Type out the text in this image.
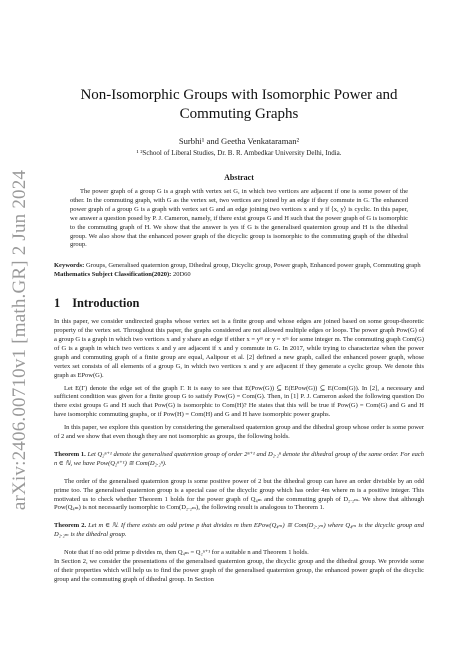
arXiv:2406.00710v1 [math.GR] 2 Jun 2024
Non-Isomorphic Groups with Isomorphic Power and Commuting Graphs
Surbhi¹ and Geetha Venkataraman²
¹ ²School of Liberal Studies, Dr. B. R. Ambedkar University Delhi, India.
Abstract
The power graph of a group G is a graph with vertex set G, in which two vertices are adjacent if one is some power of the other. In the commuting graph, with G as the vertex set, two vertices are joined by an edge if they commute in G. The enhanced power graph of a group G is a graph with vertex set G and an edge joining two vertices x and y if ⟨x, y⟩ is cyclic. In this paper, we answer a question posed by P. J. Cameron, namely, if there exist groups G and H such that the power graph of G is isomorphic to the commuting graph of H. We show that the answer is yes if G is the generalised quaternion group and H is the dihedral group. We also show that the enhanced power graph of the dicyclic group is isomorphic to the commuting graph of the dihedral group.
Keywords: Groups, Generalised quaternion group, Dihedral group, Dicyclic group, Power graph, Enhanced power graph, Commuting graph
Mathematics Subject Classification(2020): 20D60
1 Introduction

In this paper, we consider undirected graphs whose vertex set is a finite group and whose edges are joined based on some group-theoretic property of the vertex set. Throughout this paper, the graphs considered are not allowed multiple edges or loops. The power graph Pow(G) of a group G is a graph in which two vertices x and y share an edge if either x = yᵐ or y = xᵐ for some integer m. The commuting graph Com(G) of G is a graph in which two vertices x and y are adjacent if x and y commute in G. In 2017, while trying to characterize when the power graph and commuting graph of a finite group are equal, Aalipour et al. [2] defined a new graph, called the enhanced power graph, whose vertex set consists of all elements of a group G, in which two vertices x and y are adjacent if they generate a cyclic group. We denote this graph as EPow(G).

Let E(Γ) denote the edge set of the graph Γ. It is easy to see that E(Pow(G)) ⊆ E(EPow(G)) ⊆ E(Com(G)). In [2], a necessary and sufficient condition was given for a finite group G to satisfy Pow(G) = Com(G). Then, in [1] P. J. Cameron asked the following question Do there exist groups G and H such that Pow(G) is isomorphic to Com(H)? He states that this will be true if Pow(G) = Com(G) and G and H have isomorphic commuting graphs, or if Pow(H) = Com(H) and G and H have isomorphic power graphs.

In this paper, we explore this question by considering the generalised quaternion group and the dihedral group whose order is some power of 2 and we show that even though they are not isomorphic as groups, the following holds.

Theorem 1. Let Q₂ⁿ⁺¹ denote the generalised quaternion group of order 2ⁿ⁺¹ and D₂.₂ⁿ denote the dihedral group of the same order. For each n ∈ ℕ, we have Pow(Q₂ⁿ⁺¹) ≅ Com(D₂.₂ⁿ).

The order of the generalised quaternion group is some positive power of 2 but the dihedral group can have an order divisible by an odd prime too. The generalised quaternion group is a special case of the dicyclic group which has order 4m where m is a positive integer. This motivated us to check whether Theorem 1 holds for the power graph of Q₄ₘ and the commuting graph of D₂.₂ₘ. We show that although Pow(Q₄ₘ) is not necessarily isomorphic to Com(D₂.₂ₘ), the following result is analogous to Theorem 1.

Theorem 2. Let m ∈ ℕ. If there exists an odd prime p that divides m then EPow(Q₄ₘ) ≅ Com(D₂.₂ₘ) where Q₄ₘ is the dicyclic group and D₂.₂ₘ is the dihedral group.

Note that if no odd prime p divides m, then Q₄ₘ = Q₂ⁿ⁺¹ for a suitable n and Theorem 1 holds.

In Section 2, we consider the presentations of the generalised quaternion group, the dicyclic group and the dihedral group. We provide some of their properties which will help us to find the power graph of the generalised quaternion group, the enhanced power graph of the dicyclic group and the commuting graph of dihedral group. In Section
